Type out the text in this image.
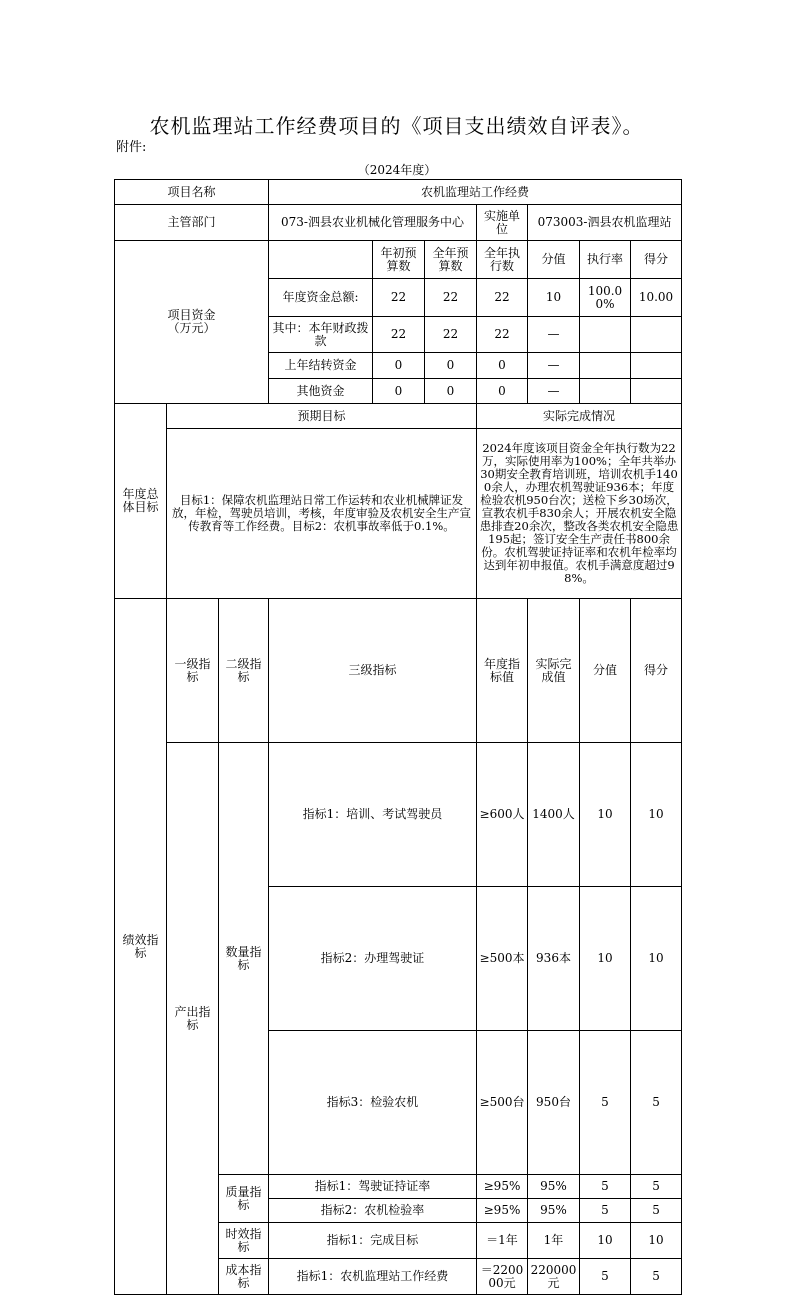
农机监理站工作经费项目的《项目支出绩效自评表》。
附件:
（2024年度）
项目名称			农机监理站工作经费							
主管部门			073-泗县农业机械化管理服务中心			实施单位	073003-泗县农机监理站			
项目资金
（万元）				年初预算数	全年预算数	全年执行数	分值	执行率	得分	
			年度资金总额:	22	22	22	10	100.00%	10.00	
			其中：本年财政拨款	22	22	22	—			
			上年结转资金	0	0	0	—			
			其他资金	0	0	0	—			
年度总体目标	预期目标					实际完成情况				
	目标1：保障农机监理站日常工作运转和农业机械牌证发放，年检，驾驶员培训，考核，年度审验及农机安全生产宣传教育等工作经费。目标2：农机事故率低于0.1%。					2024年度该项目资金全年执行数为22万，实际使用率为100%；全年共举办30期安全教育培训班，培训农机手1400余人，办理农机驾驶证936本；年度检验农机950台次；送检下乡30场次，宣教农机手830余人；开展农机安全隐患排查20余次，整改各类农机安全隐患195起；签订安全生产责任书800余份。农机驾驶证持证率和农机年检率均达到年初申报值。农机手满意度超过98%。				
绩效指标	一级指标	二级指标	三级指标			年度指标值	实际完成值	分值	得分	
	产出指标	数量指标	指标1：培训、考试驾驶员			≥600人	1400人	10	10	
			指标2：办理驾驶证			≥500本	936本	10	10	
			指标3：检验农机			≥500台	950台	5	5	
		质量指标	指标1：驾驶证持证率			≥95%	95%	5	5	
			指标2：农机检验率			≥95%	95%	5	5	
		时效指标	指标1：完成目标			＝1年	1年	10	10	
		成本指标	指标1：农机监理站工作经费			＝220000元	220000元	5	5	
